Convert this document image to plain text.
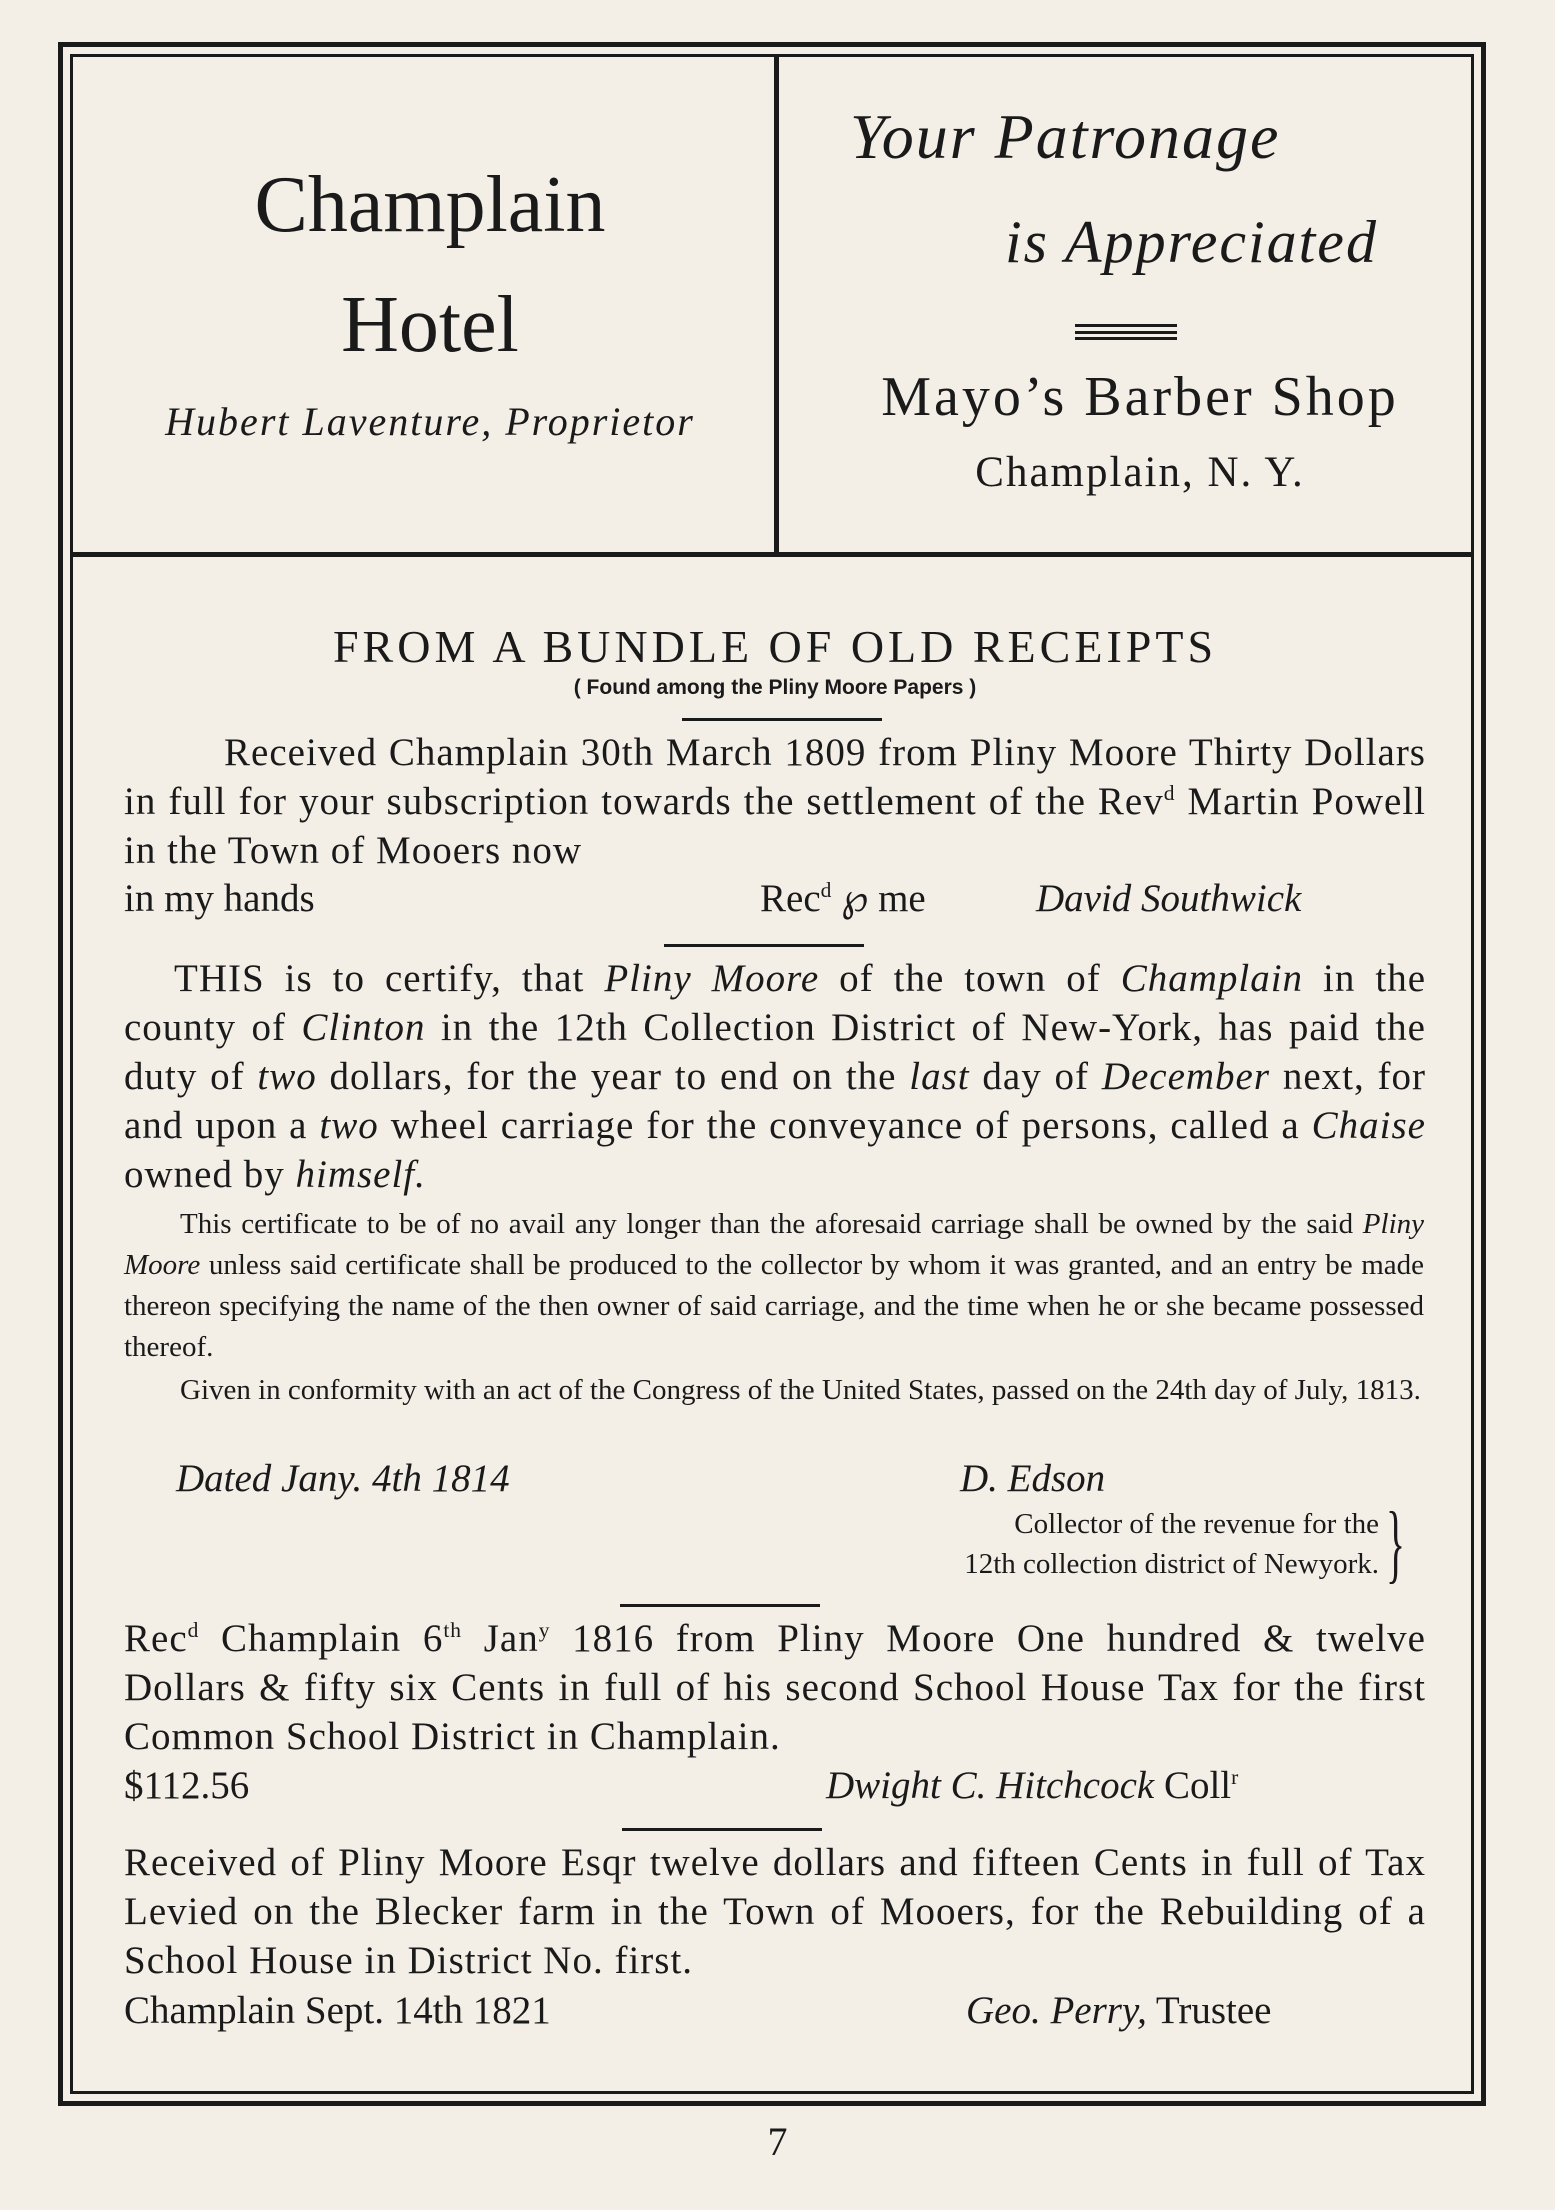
Champlain
Hotel
Hubert Laventure, Proprietor
Your Patronage
is Appreciated
Mayo’s Barber Shop
Champlain, N. Y.
FROM A BUNDLE OF OLD RECEIPTS
( Found among the Pliny Moore Papers )
Received Champlain 30th March 1809 from Pliny Moore Thirty Dollars in full for your subscription towards the settlement of the Rev$^d$ Martin Powell in the Town of Mooers now
in my hands	Rec$^d$ ℘ me	David Southwick
THIS is to certify, that Pliny Moore of the town of Champlain in the county of Clinton in the 12th Collection District of New-York, has paid the duty of two dollars, for the year to end on the last day of December next, for and upon a two wheel carriage for the conveyance of persons, called a Chaise owned by himself.
This certificate to be of no avail any longer than the aforesaid carriage shall be owned by the said Pliny Moore unless said certificate shall be produced to the collector by whom it was granted, and an entry be made thereon specifying the name of the then owner of said carriage, and the time when he or she became possessed thereof.
Given in conformity with an act of the Congress of the United States, passed on the 24th day of July, 1813.
Dated Jany. 4th 1814	D. Edson
Collector of the revenue for the
12th collection district of Newyork. }
Rec$^d$ Champlain 6th Jan$^y$ 1816 from Pliny Moore One hundred & twelve Dollars & fifty six Cents in full of his second School House Tax for the first Common School District in Champlain.
$112.56	Dwight C. Hitchcock Coll$^r$
Received of Pliny Moore Esqr twelve dollars and fifteen Cents in full of Tax Levied on the Blecker farm in the Town of Mooers, for the Rebuilding of a School House in District No. first.
Champlain Sept. 14th 1821	Geo. Perry, Trustee
7
